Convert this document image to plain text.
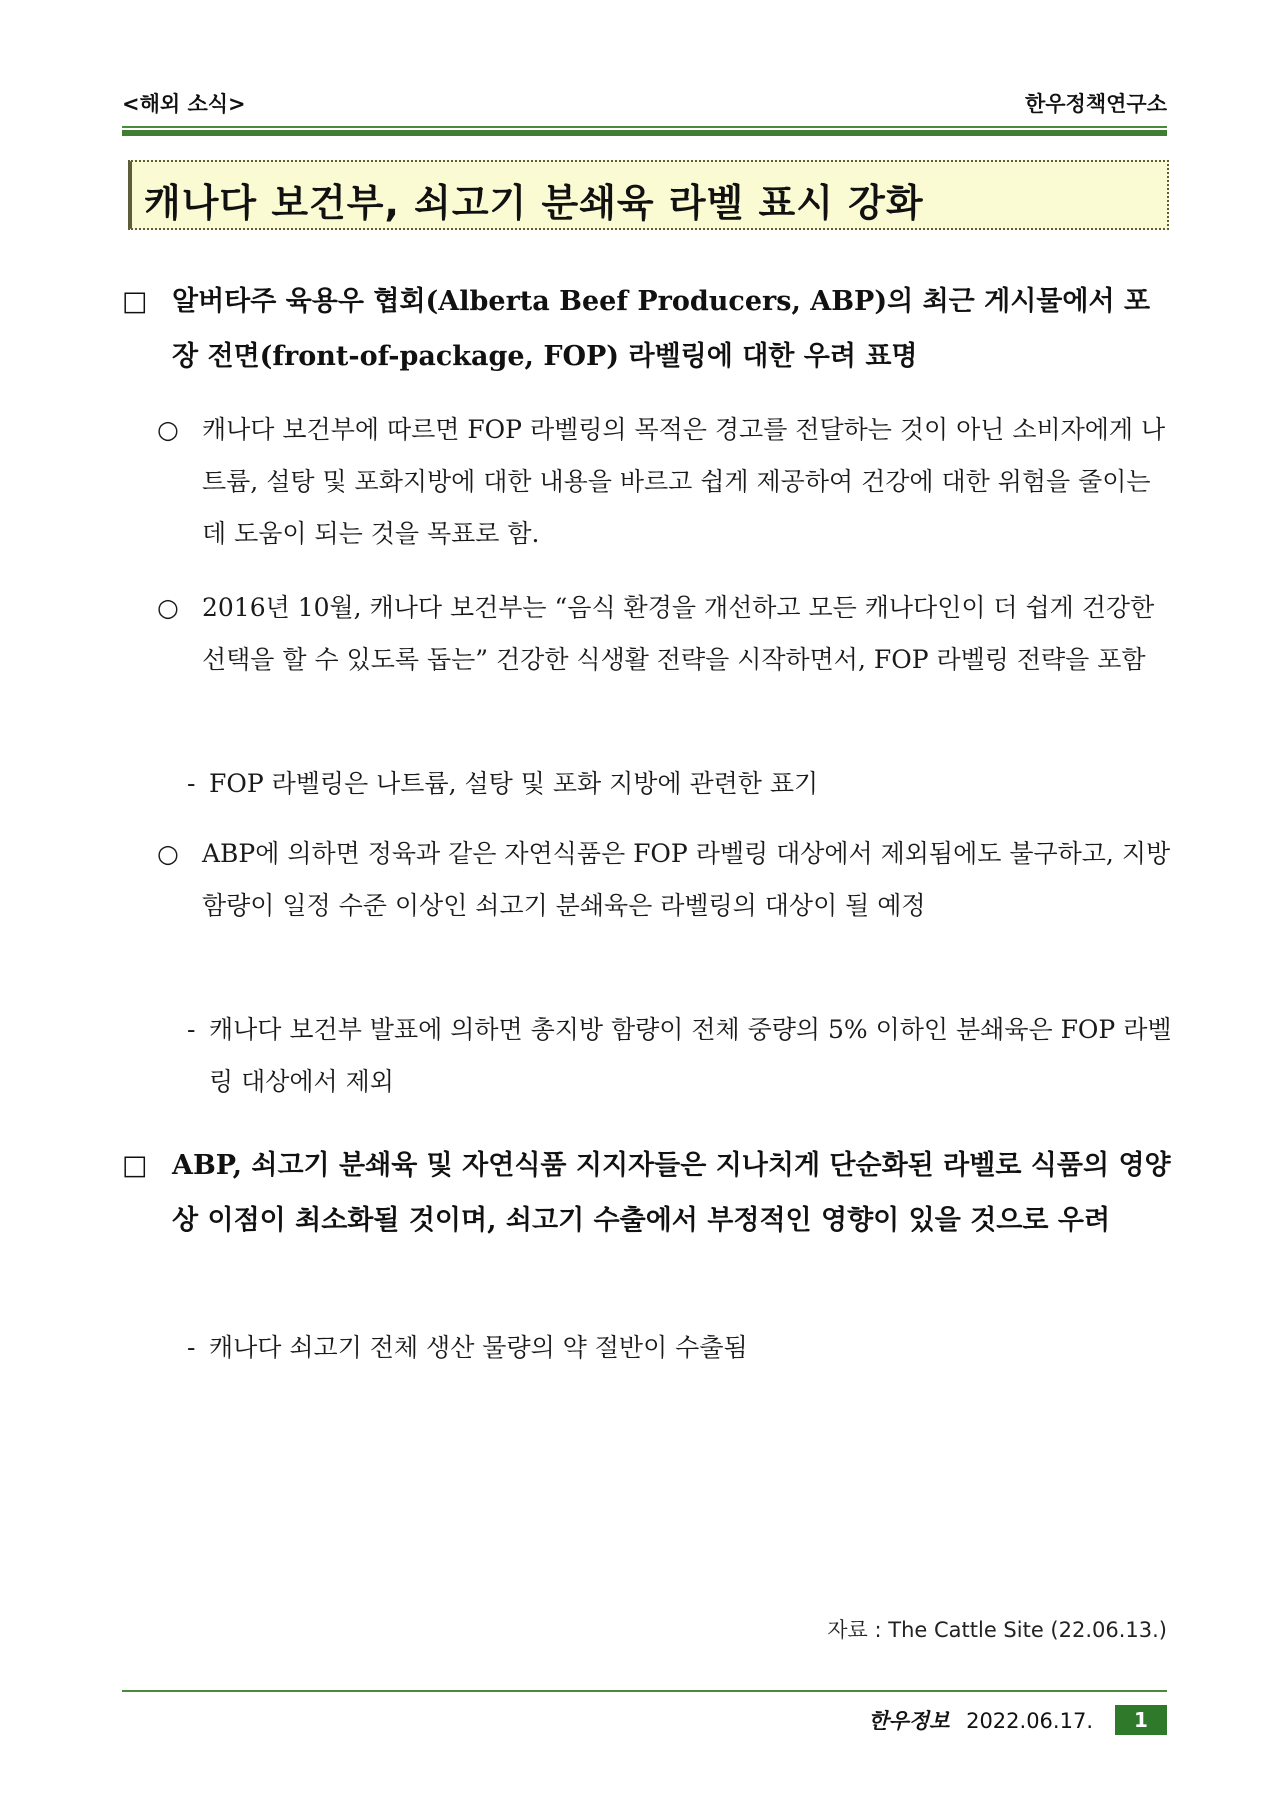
<해외 소식>	한우정책연구소
캐나다 보건부, 쇠고기 분쇄육 라벨 표시 강화
□ 알버타주 육용우 협회(Alberta Beef Producers, ABP)의 최근 게시물에서 포장 전면(front-of-package, FOP) 라벨링에 대한 우려 표명
○ 캐나다 보건부에 따르면 FOP 라벨링의 목적은 경고를 전달하는 것이 아닌 소비자에게 나트륨, 설탕 및 포화지방에 대한 내용을 바르고 쉽게 제공하여 건강에 대한 위험을 줄이는 데 도움이 되는 것을 목표로 함.
○ 2016년 10월, 캐나다 보건부는 “음식 환경을 개선하고 모든 캐나다인이 더 쉽게 건강한 선택을 할 수 있도록 돕는” 건강한 식생활 전략을 시작하면서, FOP 라벨링 전략을 포함
- FOP 라벨링은 나트륨, 설탕 및 포화 지방에 관련한 표기
○ ABP에 의하면 정육과 같은 자연식품은 FOP 라벨링 대상에서 제외됨에도 불구하고, 지방 함량이 일정 수준 이상인 쇠고기 분쇄육은 라벨링의 대상이 될 예정
- 캐나다 보건부 발표에 의하면 총지방 함량이 전체 중량의 5% 이하인 분쇄육은 FOP 라벨링 대상에서 제외
□ ABP, 쇠고기 분쇄육 및 자연식품 지지자들은 지나치게 단순화된 라벨로 식품의 영양상 이점이 최소화될 것이며, 쇠고기 수출에서 부정적인 영향이 있을 것으로 우려
- 캐나다 쇠고기 전체 생산 물량의 약 절반이 수출됨
자료 : The Cattle Site (22.06.13.)
한우정보 2022.06.17.	1
